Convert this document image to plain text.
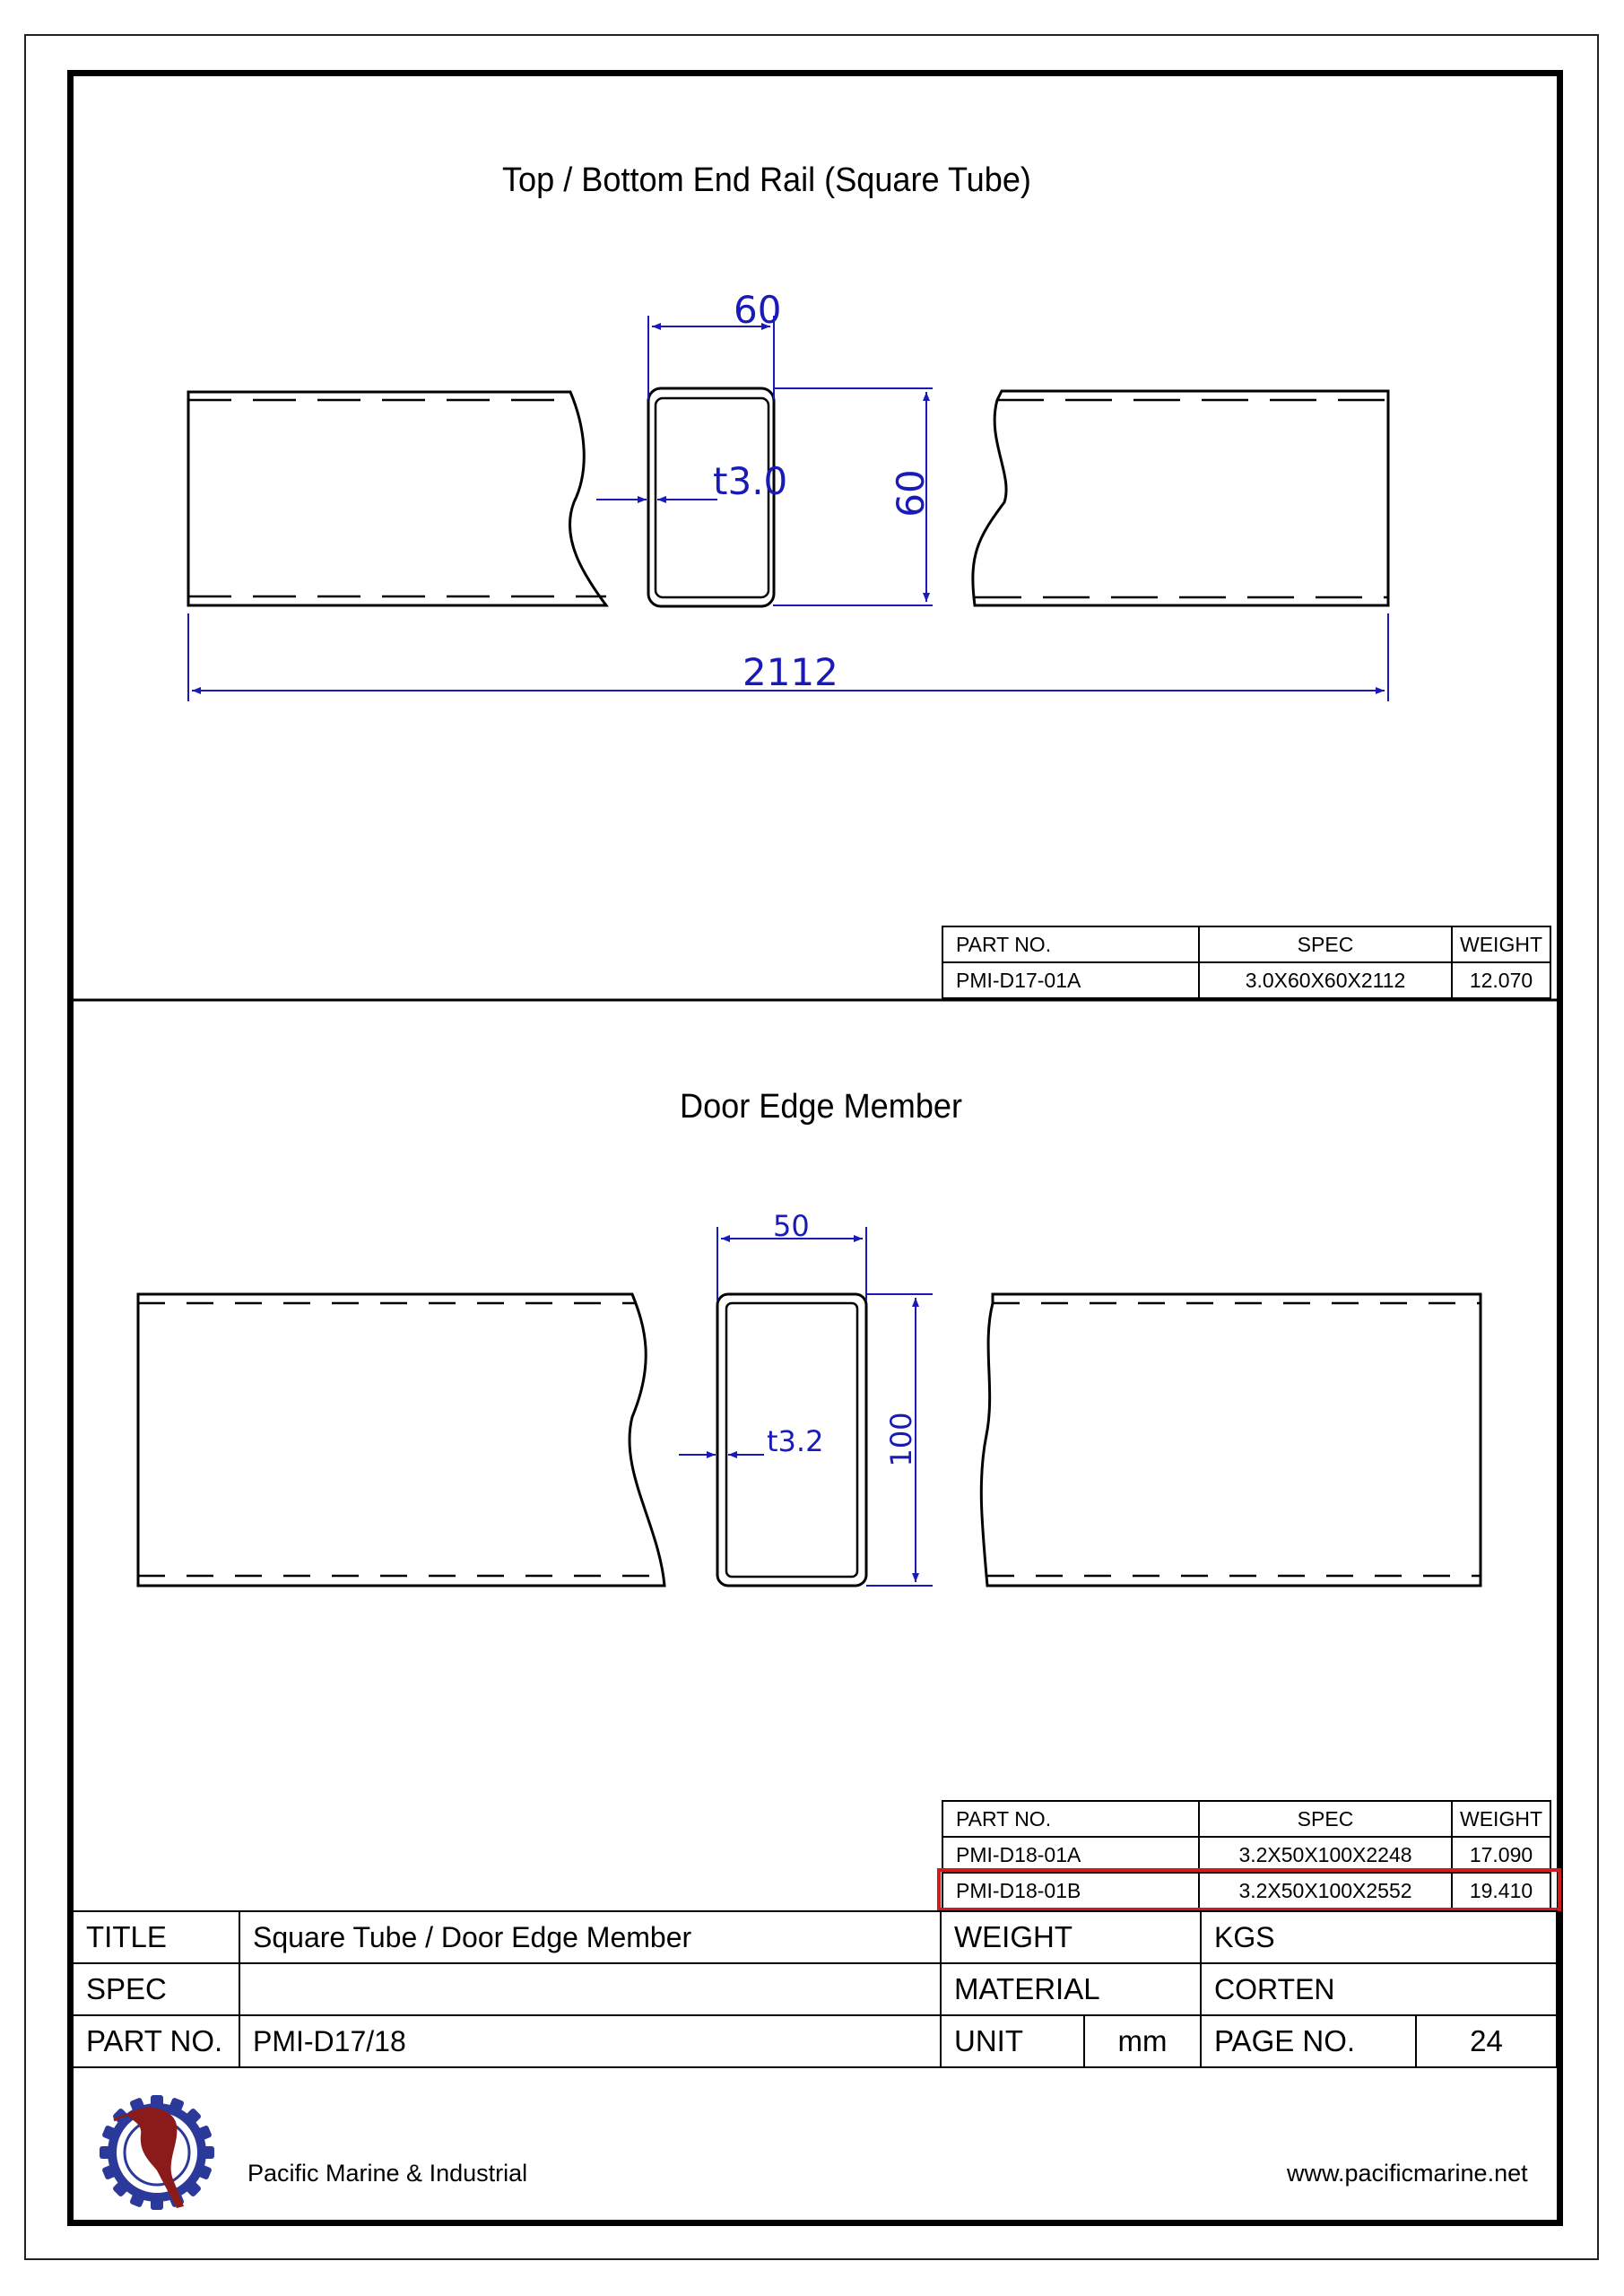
Top / Bottom End Rail (Square Tube)
Door Edge Member
60
t3.0	60
2112
50
t3.2 100
PART NO.	SPEC	WEIGHT
PMI-D17-01A	3.0X60X60X2112	12.070
PART NO.	SPEC	WEIGHT
PMI-D18-01A	3.2X50X100X2248	17.090
PMI-D18-01B	3.2X50X100X2552	19.410
TITLE	Square Tube / Door Edge Member	WEIGHT		KGS	
SPEC		MATERIAL		CORTEN	
PART NO.	PMI-D17/18	UNIT	mm	PAGE NO.	24
Pacific Marine & Industrial	www.pacificmarine.net
